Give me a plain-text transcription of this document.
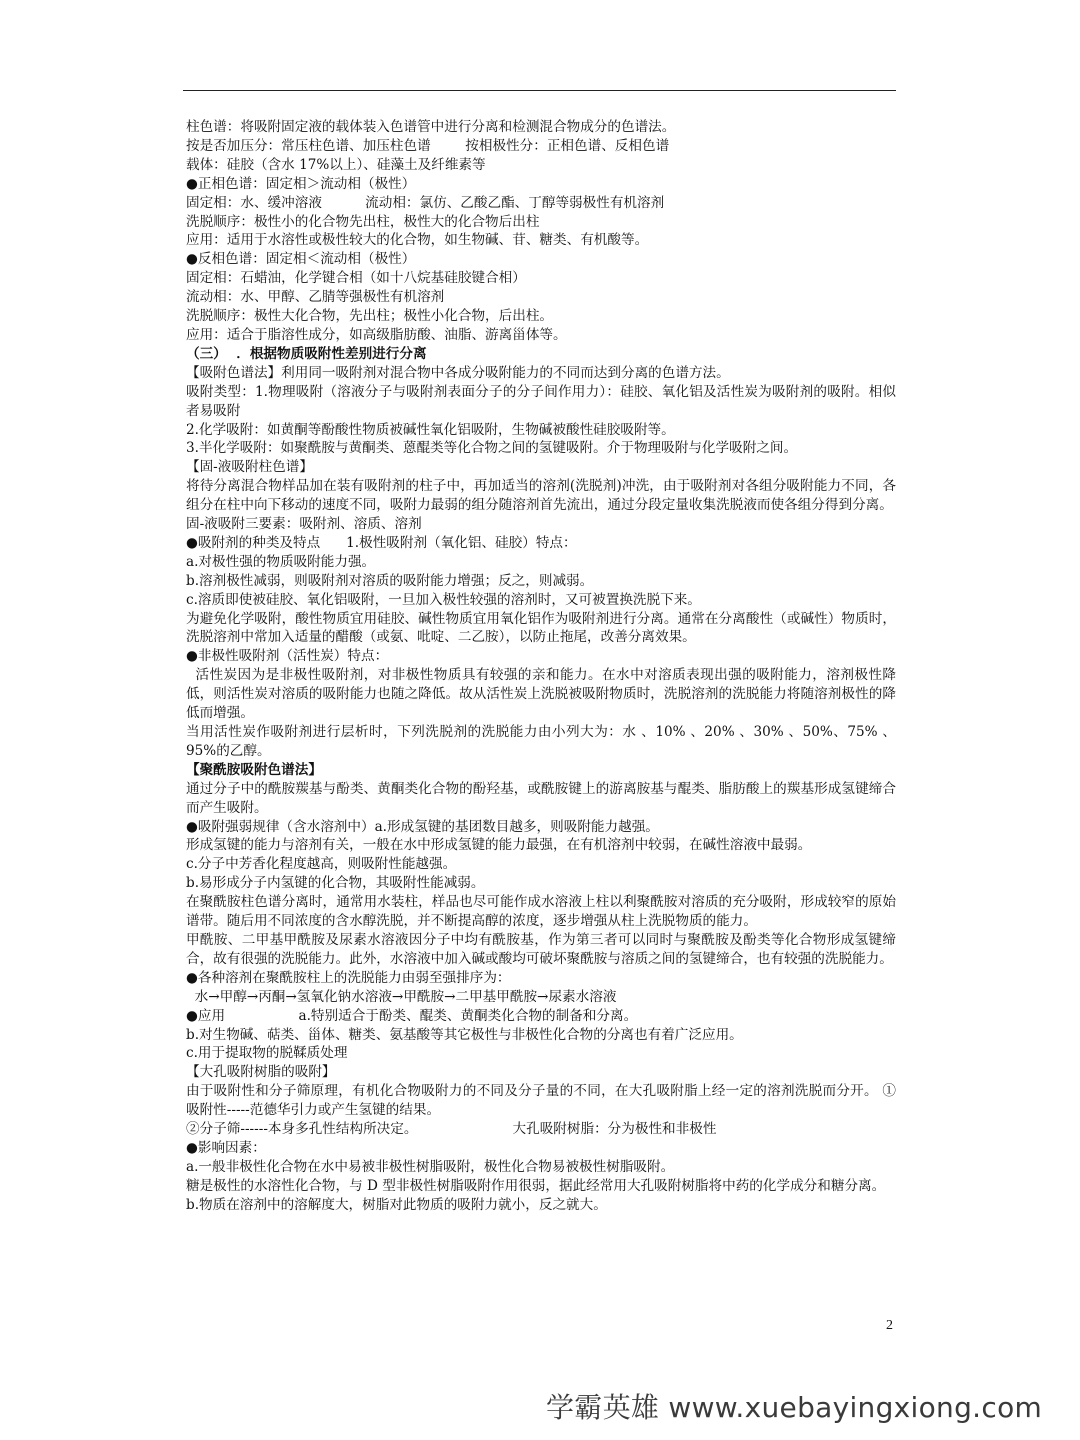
柱色谱：将吸附固定液的载体装入色谱管中进行分离和检测混合物成分的色谱法。
按是否加压分：常压柱色谱、加压柱色谱        按相极性分：正相色谱、反相色谱
载体：硅胶（含水 17%以上）、硅藻土及纤维素等
●正相色谱：固定相＞流动相（极性）
固定相：水、缓冲溶液          流动相：氯仿、乙酸乙酯、丁醇等弱极性有机溶剂
洗脱顺序：极性小的化合物先出柱，极性大的化合物后出柱
应用：适用于水溶性或极性较大的化合物，如生物碱、苷、糖类、有机酸等。
●反相色谱：固定相＜流动相（极性）
固定相：石蜡油，化学键合相（如十八烷基硅胶键合相）
流动相：水、甲醇、乙腈等强极性有机溶剂
洗脱顺序：极性大化合物，先出柱；极性小化合物，后出柱。
应用：适合于脂溶性成分，如高级脂肪酸、油脂、游离甾体等。
（三）  ．根据物质吸附性差别进行分离
【吸附色谱法】利用同一吸附剂对混合物中各成分吸附能力的不同而达到分离的色谱方法。
吸附类型：1.物理吸附（溶液分子与吸附剂表面分子的分子间作用力）：硅胶、氧化铝及活性炭为吸附剂的吸附。相似者易吸附
2.化学吸附：如黄酮等酚酸性物质被碱性氧化铝吸附，生物碱被酸性硅胶吸附等。
3.半化学吸附：如聚酰胺与黄酮类、蒽醌类等化合物之间的氢键吸附。介于物理吸附与化学吸附之间。
【固-液吸附柱色谱】
将待分离混合物样品加在装有吸附剂的柱子中，再加适当的溶剂(洗脱剂)冲洗，由于吸附剂对各组分吸附能力不同，各组分在柱中向下移动的速度不同，吸附力最弱的组分随溶剂首先流出，通过分段定量收集洗脱液而使各组分得到分离。
固-液吸附三要素：吸附剂、溶质、溶剂
●吸附剂的种类及特点      1.极性吸附剂（氧化铝、硅胶）特点：
a.对极性强的物质吸附能力强。
b.溶剂极性减弱，则吸附剂对溶质的吸附能力增强；反之，则减弱。
c.溶质即使被硅胶、氧化铝吸附，一旦加入极性较强的溶剂时，又可被置换洗脱下来。
为避免化学吸附，酸性物质宜用硅胶、碱性物质宜用氧化铝作为吸附剂进行分离。通常在分离酸性（或碱性）物质时，洗脱溶剂中常加入适量的醋酸（或氨、吡啶、二乙胺），以防止拖尾，改善分离效果。
●非极性吸附剂（活性炭）特点：
活性炭因为是非极性吸附剂，对非极性物质具有较强的亲和能力。在水中对溶质表现出强的吸附能力，溶剂极性降低，则活性炭对溶质的吸附能力也随之降低。故从活性炭上洗脱被吸附物质时，洗脱溶剂的洗脱能力将随溶剂极性的降低而增强。
当用活性炭作吸附剂进行层析时，下列洗脱剂的洗脱能力由小列大为：水 、10% 、20% 、30% 、50%、75% 、95%的乙醇。
【聚酰胺吸附色谱法】
通过分子中的酰胺羰基与酚类、黄酮类化合物的酚羟基，或酰胺键上的游离胺基与醌类、脂肪酸上的羰基形成氢键缔合而产生吸附。
●吸附强弱规律（含水溶剂中）a.形成氢键的基团数目越多，则吸附能力越强。
形成氢键的能力与溶剂有关，一般在水中形成氢键的能力最强，在有机溶剂中较弱，在碱性溶液中最弱。
c.分子中芳香化程度越高，则吸附性能越强。
b.易形成分子内氢键的化合物，其吸附性能减弱。
在聚酰胺柱色谱分离时，通常用水装柱，样品也尽可能作成水溶液上柱以利聚酰胺对溶质的充分吸附，形成较窄的原始谱带。随后用不同浓度的含水醇洗脱，并不断提高醇的浓度，逐步增强从柱上洗脱物质的能力。
甲酰胺、二甲基甲酰胺及尿素水溶液因分子中均有酰胺基，作为第三者可以同时与聚酰胺及酚类等化合物形成氢键缔合，故有很强的洗脱能力。此外，水溶液中加入碱或酸均可破坏聚酰胺与溶质之间的氢键缔合，也有较强的洗脱能力。
●各种溶剂在聚酰胺柱上的洗脱能力由弱至强排序为：
水→甲醇→丙酮→氢氧化钠水溶液→甲酰胺→二甲基甲酰胺→尿素水溶液
●应用                 a.特别适合于酚类、醌类、黄酮类化合物的制备和分离。
b.对生物碱、萜类、甾体、糖类、氨基酸等其它极性与非极性化合物的分离也有着广泛应用。
c.用于提取物的脱鞣质处理
【大孔吸附树脂的吸附】
由于吸附性和分子筛原理，有机化合物吸附力的不同及分子量的不同，在大孔吸附脂上经一定的溶剂洗脱而分开。 ①吸附性-----范德华引力或产生氢键的结果。
②分子筛------本身多孔性结构所决定。                      大孔吸附树脂：分为极性和非极性
●影响因素：
a.一般非极性化合物在水中易被非极性树脂吸附，极性化合物易被极性树脂吸附。
糖是极性的水溶性化合物，与 D 型非极性树脂吸附作用很弱，据此经常用大孔吸附树脂将中药的化学成分和糖分离。
b.物质在溶剂中的溶解度大，树脂对此物质的吸附力就小，反之就大。
2
学霸英雄 www.xuebayingxiong.com
